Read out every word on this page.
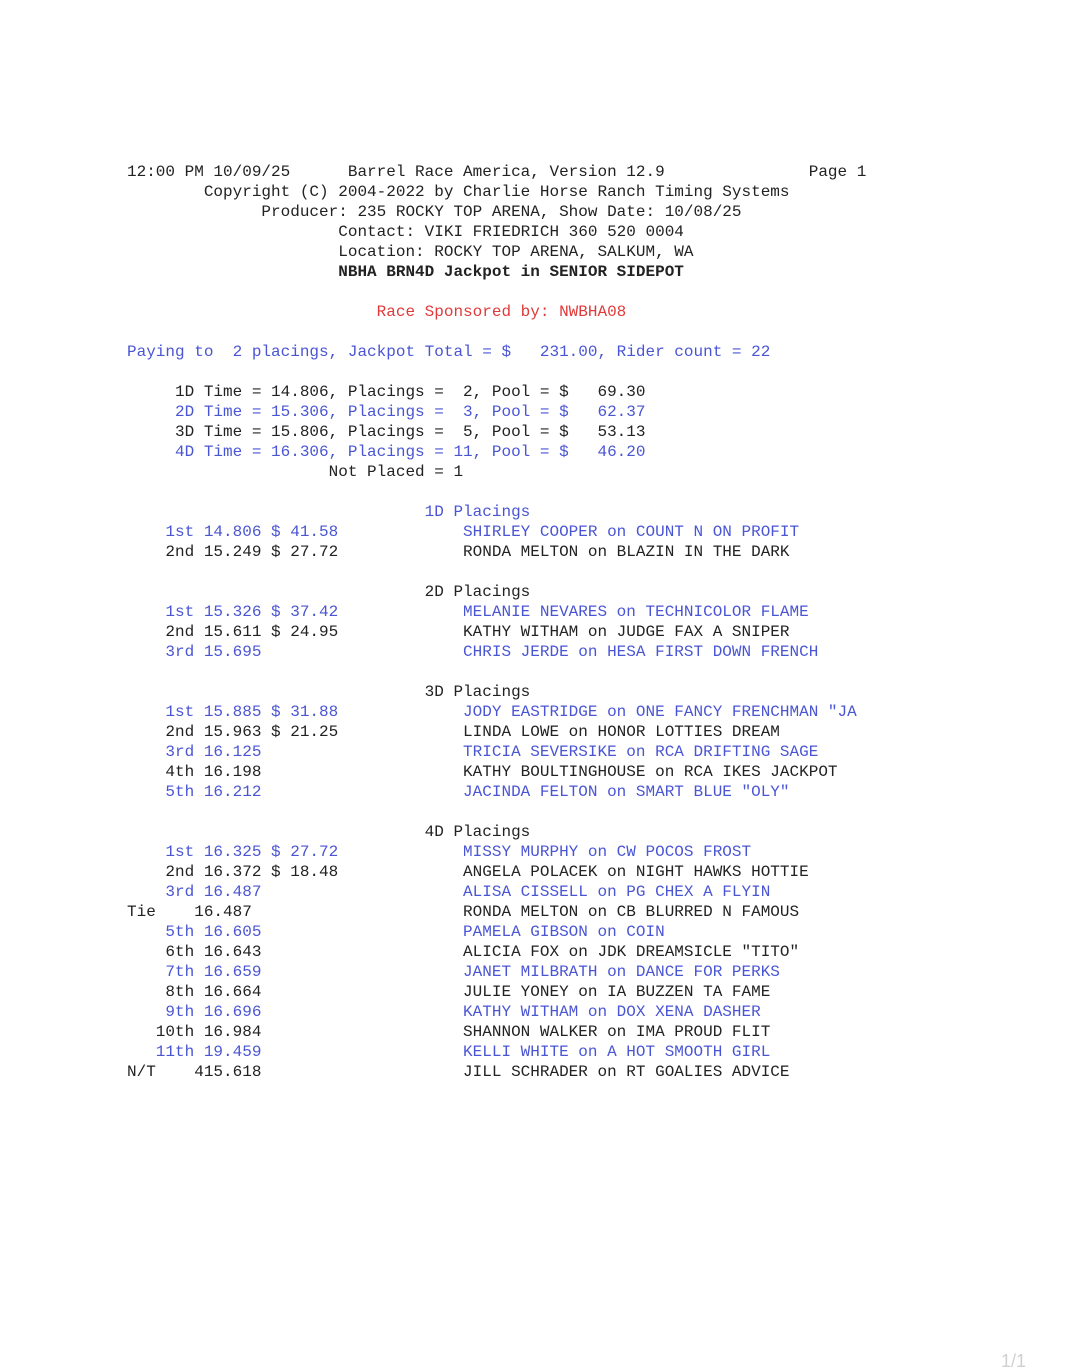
12:00 PM 10/09/25      Barrel Race America, Version 12.9               Page 1
Copyright (C) 2004-2022 by Charlie Horse Ranch Timing Systems
Producer: 235 ROCKY TOP ARENA, Show Date: 10/08/25
Contact: VIKI FRIEDRICH 360 520 0004
Location: ROCKY TOP ARENA, SALKUM, WA
NBHA BRN4D Jackpot in SENIOR SIDEPOT

Race Sponsored by: NWBHA08

Paying to  2 placings, Jackpot Total = $   231.00, Rider count = 22

1D Time = 14.806, Placings =  2, Pool = $   69.30
2D Time = 15.306, Placings =  3, Pool = $   62.37
3D Time = 15.806, Placings =  5, Pool = $   53.13
4D Time = 16.306, Placings = 11, Pool = $   46.20
Not Placed = 1

1D Placings
1st 14.806 $ 41.58             SHIRLEY COOPER on COUNT N ON PROFIT
2nd 15.249 $ 27.72             RONDA MELTON on BLAZIN IN THE DARK

2D Placings
1st 15.326 $ 37.42             MELANIE NEVARES on TECHNICOLOR FLAME
2nd 15.611 $ 24.95             KATHY WITHAM on JUDGE FAX A SNIPER
3rd 15.695                     CHRIS JERDE on HESA FIRST DOWN FRENCH

3D Placings
1st 15.885 $ 31.88             JODY EASTRIDGE on ONE FANCY FRENCHMAN "JA
2nd 15.963 $ 21.25             LINDA LOWE on HONOR LOTTIES DREAM
3rd 16.125                     TRICIA SEVERSIKE on RCA DRIFTING SAGE
4th 16.198                     KATHY BOULTINGHOUSE on RCA IKES JACKPOT
5th 16.212                     JACINDA FELTON on SMART BLUE "OLY"

4D Placings
1st 16.325 $ 27.72             MISSY MURPHY on CW POCOS FROST
2nd 16.372 $ 18.48             ANGELA POLACEK on NIGHT HAWKS HOTTIE
3rd 16.487                     ALISA CISSELL on PG CHEX A FLYIN
Tie    16.487                      RONDA MELTON on CB BLURRED N FAMOUS
5th 16.605                     PAMELA GIBSON on COIN
6th 16.643                     ALICIA FOX on JDK DREAMSICLE "TITO"
7th 16.659                     JANET MILBRATH on DANCE FOR PERKS
8th 16.664                     JULIE YONEY on IA BUZZEN TA FAME
9th 16.696                     KATHY WITHAM on DOX XENA DASHER
10th 16.984                     SHANNON WALKER on IMA PROUD FLIT
11th 19.459                     KELLI WHITE on A HOT SMOOTH GIRL
N/T    415.618                     JILL SCHRADER on RT GOALIES ADVICE

1/1
